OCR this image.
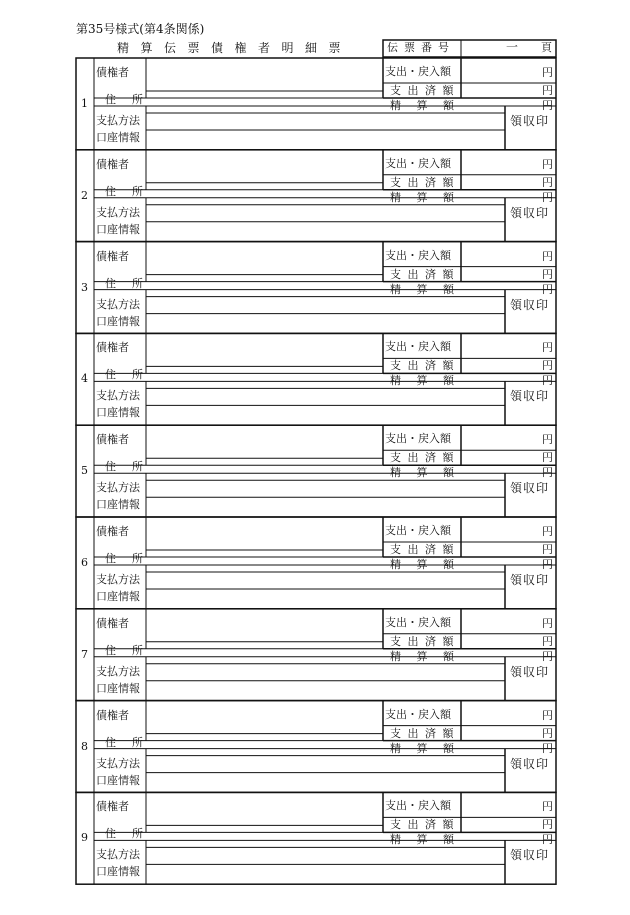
第35号様式(第4条関係)
精算伝票債権者明細票	伝票番号	一 頁
1
債権者
住所
支払方法
口座情報
支出・戻入額
支出済額
精算額
円
円
円
領収印
2
債権者
住所
支払方法
口座情報
支出・戻入額
支出済額
精算額
円
円
円
領収印
3
債権者
住所
支払方法
口座情報
支出・戻入額
支出済額
精算額
円
円
円
領収印
4
債権者
住所
支払方法
口座情報
支出・戻入額
支出済額
精算額
円
円
円
領収印
5
債権者
住所
支払方法
口座情報
支出・戻入額
支出済額
精算額
円
円
円
領収印
6
債権者
住所
支払方法
口座情報
支出・戻入額
支出済額
精算額
円
円
円
領収印
7
債権者
住所
支払方法
口座情報
支出・戻入額
支出済額
精算額
円
円
円
領収印
8
債権者
住所
支払方法
口座情報
支出・戻入額
支出済額
精算額
円
円
円
領収印
9
債権者
住所
支払方法
口座情報
支出・戻入額
支出済額
精算額
円
円
円
領収印
